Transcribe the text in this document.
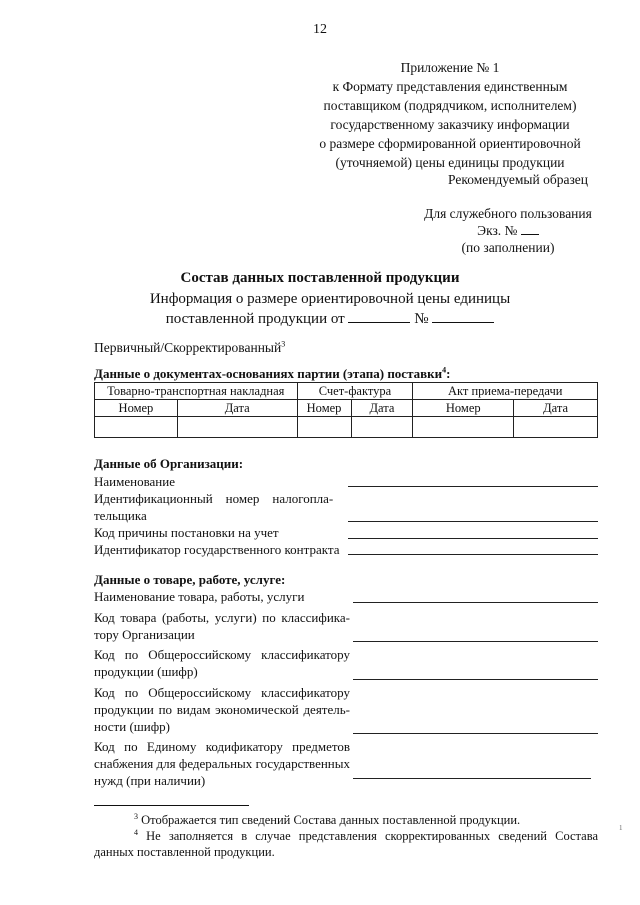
12
Приложение № 1
к Формату представления единственным
поставщиком (подрядчиком, исполнителем)
государственному заказчику информации
о размере сформированной ориентировочной
(уточняемой) цены единицы продукции
Рекомендуемый образец
Для служебного пользования
Экз. №
(по заполнении)
Состав данных поставленной продукции
Информация о размере ориентировочной цены единицы
поставленной продукции от	№
Первичный/Скорректированный$^3$
Данные о документах-основаниях партии (этапа) поставки$^4$:
Товарно-транспортная накладная		Счет-фактура		Акт приема-передачи	
Номер	Дата	Номер	Дата	Номер	Дата

Данные об Организации:
Наименование
Идентификационный    номер    налогопла-
тельщика
Код причины постановки на учет
Идентификатор государственного контракта
Данные о товаре, работе, услуге:
Наименование товара, работы, услуги
Код товара (работы, услуги) по классифика-тору Организации
Код по Общероссийскому классификатору продукции (шифр)
Код по Общероссийскому классификатору продукции по видам экономической деятель-ности (шифр)
Код по Единому кодификатору предметов снабжения для федеральных государственных нужд (при наличии)
$^3$ Отображается тип сведений Состава данных поставленной продукции.
$^4$ Не заполняется в случае представления скорректированных сведений Состава данных поставленной продукции.
1
